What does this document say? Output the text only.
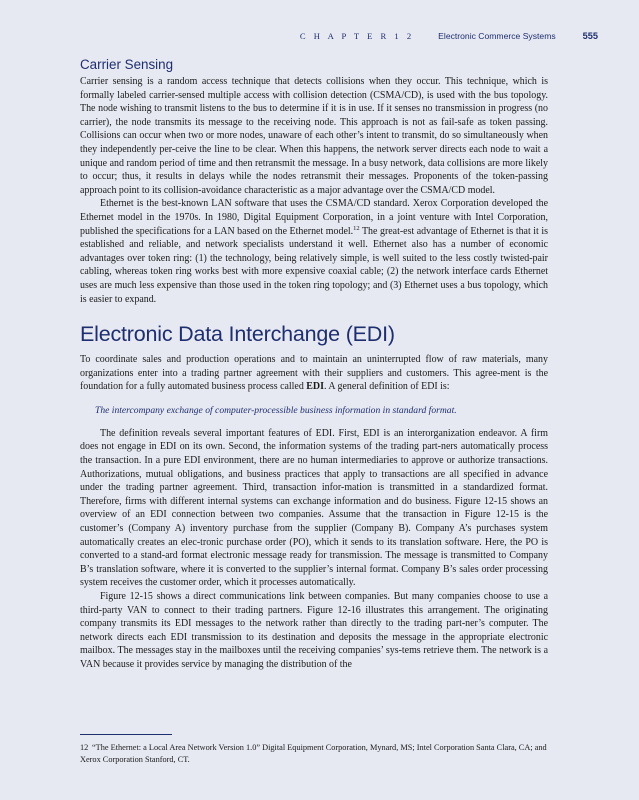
C H A P T E R 1 2	Electronic Commerce Systems	555
Carrier Sensing

Carrier sensing is a random access technique that detects collisions when they occur. This technique, which is formally labeled carrier-sensed multiple access with collision detection (CSMA/CD), is used with the bus topology. The node wishing to transmit listens to the bus to determine if it is in use. If it senses no transmission in progress (no carrier), the node transmits its message to the receiving node. This approach is not as fail-safe as token passing. Collisions can occur when two or more nodes, unaware of each other’s intent to transmit, do so simultaneously when they independently per-ceive the line to be clear. When this happens, the network server directs each node to wait a unique and random period of time and then retransmit the message. In a busy network, data collisions are more likely to occur; thus, it results in delays while the nodes retransmit their messages. Proponents of the token-passing approach point to its collision-avoidance characteristic as a major advantage over the CSMA/CD model.

Ethernet is the best-known LAN software that uses the CSMA/CD standard. Xerox Corporation developed the Ethernet model in the 1970s. In 1980, Digital Equipment Corporation, in a joint venture with Intel Corporation, published the specifications for a LAN based on the Ethernet model.$^{12}$ The great-est advantage of Ethernet is that it is established and reliable, and network specialists understand it well. Ethernet also has a number of economic advantages over token ring: (1) the technology, being relatively simple, is well suited to the less costly twisted-pair cabling, whereas token ring works best with more expensive coaxial cable; (2) the network interface cards Ethernet uses are much less expensive than those used in the token ring topology; and (3) Ethernet uses a bus topology, which is easier to expand.

Electronic Data Interchange (EDI)

To coordinate sales and production operations and to maintain an uninterrupted flow of raw materials, many organizations enter into a trading partner agreement with their suppliers and customers. This agree-ment is the foundation for a fully automated business process called EDI. A general definition of EDI is:

The intercompany exchange of computer-processible business information in standard format.

The definition reveals several important features of EDI. First, EDI is an interorganization endeavor. A firm does not engage in EDI on its own. Second, the information systems of the trading part-ners automatically process the transaction. In a pure EDI environment, there are no human intermediaries to approve or authorize transactions. Authorizations, mutual obligations, and business practices that apply to transactions are all specified in advance under the trading partner agreement. Third, transaction infor-mation is transmitted in a standardized format. Therefore, firms with different internal systems can exchange information and do business. Figure 12-15 shows an overview of an EDI connection between two companies. Assume that the transaction in Figure 12-15 is the customer’s (Company A) inventory purchase from the supplier (Company B). Company A’s purchases system automatically creates an elec-tronic purchase order (PO), which it sends to its translation software. Here, the PO is converted to a stand-ard format electronic message ready for transmission. The message is transmitted to Company B’s translation software, where it is converted to the supplier’s internal format. Company B’s sales order processing system receives the customer order, which it processes automatically.

Figure 12-15 shows a direct communications link between companies. But many companies choose to use a third-party VAN to connect to their trading partners. Figure 12-16 illustrates this arrangement. The originating company transmits its EDI messages to the network rather than directly to the trading part-ner’s computer. The network directs each EDI transmission to its destination and deposits the message in the appropriate electronic mailbox. The messages stay in the mailboxes until the receiving companies’ sys-tems retrieve them. The network is a VAN because it provides service by managing the distribution of the

12 “The Ethernet: a Local Area Network Version 1.0” Digital Equipment Corporation, Mynard, MS; Intel Corporation Santa Clara, CA; and Xerox Corporation Stanford, CT.
